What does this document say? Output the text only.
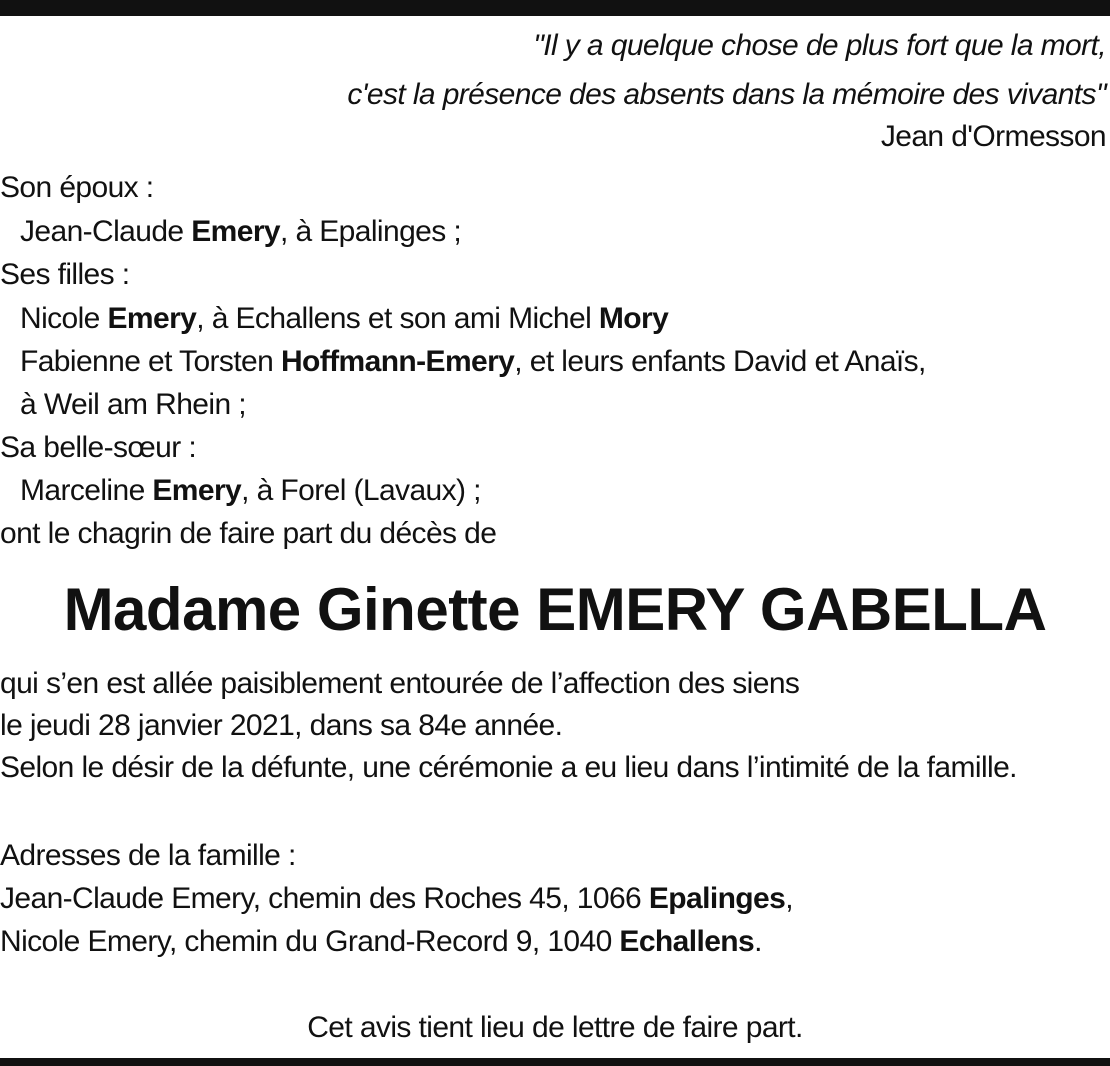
"Il y a quelque chose de plus fort que la mort,
c'est la présence des absents dans la mémoire des vivants"
Jean d'Ormesson
Son époux :
Jean-Claude Emery, à Epalinges ;
Ses filles :
Nicole Emery, à Echallens et son ami Michel Mory
Fabienne et Torsten Hoffmann-Emery, et leurs enfants David et Anaïs,
à Weil am Rhein ;
Sa belle-sœur :
Marceline Emery, à Forel (Lavaux) ;
ont le chagrin de faire part du décès de
Madame Ginette EMERY GABELLA
qui s’en est allée paisiblement entourée de l’affection des siens
le jeudi 28 janvier 2021, dans sa 84e année.
Selon le désir de la défunte, une cérémonie a eu lieu dans l’intimité de la famille.
Adresses de la famille :
Jean-Claude Emery, chemin des Roches 45, 1066 Epalinges,
Nicole Emery, chemin du Grand-Record 9, 1040 Echallens.
Cet avis tient lieu de lettre de faire part.
